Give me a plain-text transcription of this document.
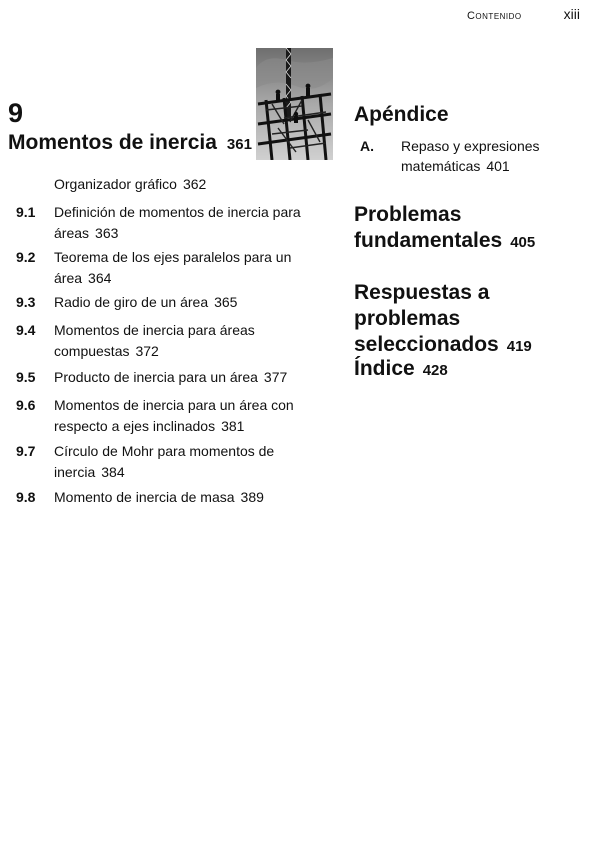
Contenido	xiii
9
Momentos de inercia 361
Organizador gráfico 362
9.1 Definición de momentos de inercia para áreas 363
9.2 Teorema de los ejes paralelos para un área 364
9.3 Radio de giro de un área 365
9.4 Momentos de inercia para áreas compuestas 372
9.5 Producto de inercia para un área 377
9.6 Momentos de inercia para un área con respecto a ejes inclinados 381
9.7 Círculo de Mohr para momentos de inercia 384
9.8 Momento de inercia de masa 389
Apéndice
A. Repaso y expresiones matemáticas 401
Problemas fundamentales 405
Respuestas a problemas seleccionados 419
Índice 428
